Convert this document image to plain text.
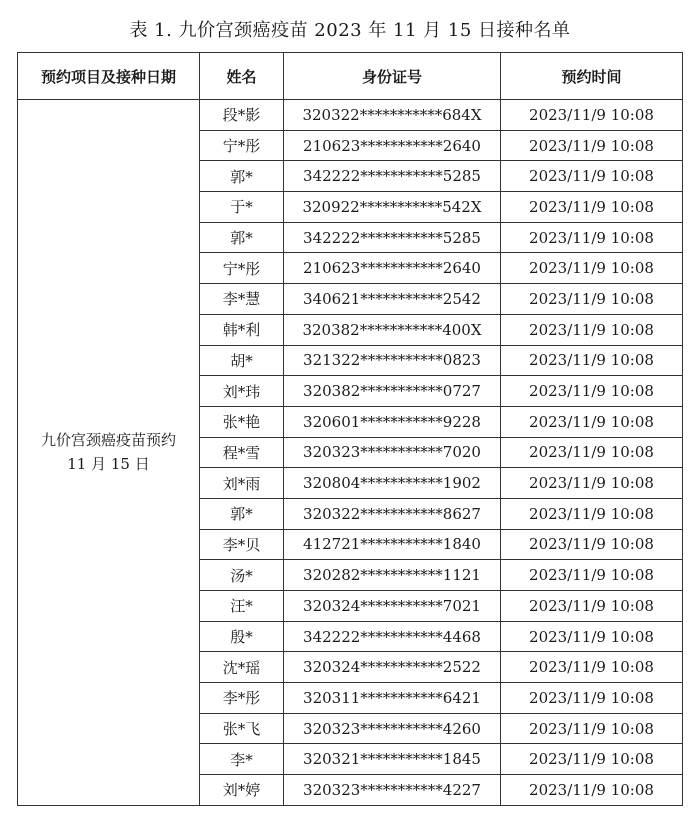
表 1. 九价宫颈癌疫苗 2023 年 11 月 15 日接种名单
预约项目及接种日期	姓名	身份证号	预约时间

九价宫颈癌疫苗预约
11 月 15 日	段*影	320322***********684X	2023/11/9 10:08
	宁*彤	210623***********2640	2023/11/9 10:08
	郭*	342222***********5285	2023/11/9 10:08
	于*	320922***********542X	2023/11/9 10:08
	郭*	342222***********5285	2023/11/9 10:08
	宁*彤	210623***********2640	2023/11/9 10:08
	李*慧	340621***********2542	2023/11/9 10:08
	韩*利	320382***********400X	2023/11/9 10:08
	胡*	321322***********0823	2023/11/9 10:08
	刘*玮	320382***********0727	2023/11/9 10:08
	张*艳	320601***********9228	2023/11/9 10:08
	程*雪	320323***********7020	2023/11/9 10:08
	刘*雨	320804***********1902	2023/11/9 10:08
	郭*	320322***********8627	2023/11/9 10:08
	李*贝	412721***********1840	2023/11/9 10:08
	汤*	320282***********1121	2023/11/9 10:08
	汪*	320324***********7021	2023/11/9 10:08
	殷*	342222***********4468	2023/11/9 10:08
	沈*瑶	320324***********2522	2023/11/9 10:08
	李*彤	320311***********6421	2023/11/9 10:08
	张*飞	320323***********4260	2023/11/9 10:08
	李*	320321***********1845	2023/11/9 10:08
	刘*婷	320323***********4227	2023/11/9 10:08
